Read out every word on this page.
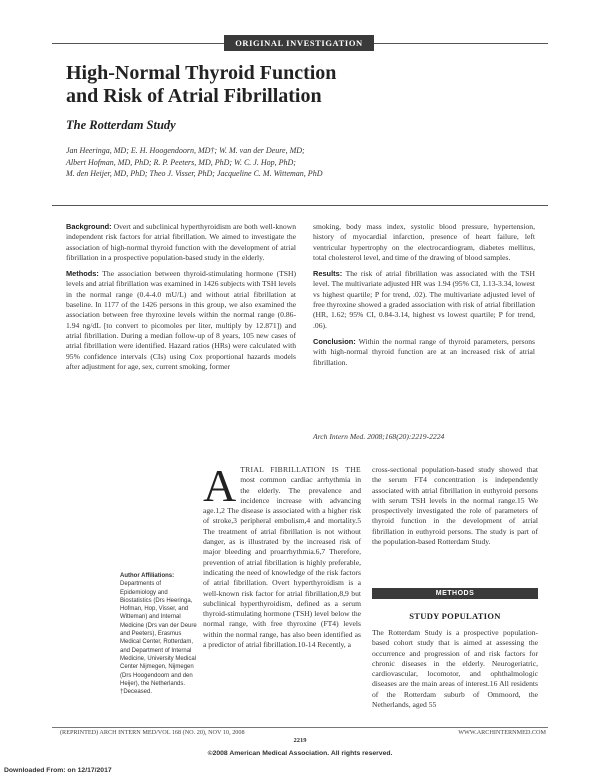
ORIGINAL INVESTIGATION
High-Normal Thyroid Function
and Risk of Atrial Fibrillation
The Rotterdam Study
Jan Heeringa, MD; E. H. Hoogendoorn, MD†; W. M. van der Deure, MD;
Albert Hofman, MD, PhD; R. P. Peeters, MD, PhD; W. C. J. Hop, PhD;
M. den Heijer, MD, PhD; Theo J. Visser, PhD; Jacqueline C. M. Witteman, PhD

Background: Overt and subclinical hyperthyroidism are both well-known independent risk factors for atrial fibrillation. We aimed to investigate the association of high-normal thyroid function with the development of atrial fibrillation in a prospective population-based study in the elderly.

Methods: The association between thyroid-stimulating hormone (TSH) levels and atrial fibrillation was examined in 1426 subjects with TSH levels in the normal range (0.4-4.0 mU/L) and without atrial fibrillation at baseline. In 1177 of the 1426 persons in this group, we also examined the association between free thyroxine levels within the normal range (0.86-1.94 ng/dL [to convert to picomoles per liter, multiply by 12.871]) and atrial fibrillation. During a median follow-up of 8 years, 105 new cases of atrial fibrillation were identified. Hazard ratios (HRs) were calculated with 95% confidence intervals (CIs) using Cox proportional hazards models after adjustment for age, sex, current smoking, former

smoking, body mass index, systolic blood pressure, hypertension, history of myocardial infarction, presence of heart failure, left ventricular hypertrophy on the electrocardiogram, diabetes mellitus, total cholesterol level, and time of the drawing of blood samples.

Results: The risk of atrial fibrillation was associated with the TSH level. The multivariate adjusted HR was 1.94 (95% CI, 1.13-3.34, lowest vs highest quartile; P for trend, .02). The multivariate adjusted level of free thyroxine showed a graded association with risk of atrial fibrillation (HR, 1.62; 95% CI, 0.84-3.14, highest vs lowest quartile; P for trend, .06).

Conclusion: Within the normal range of thyroid parameters, persons with high-normal thyroid function are at an increased risk of atrial fibrillation.

Arch Intern Med. 2008;168(20):2219-2224
Author Affiliations:
Departments of Epidemiology and Biostatistics (Drs Heeringa, Hofman, Hop, Visser, and Witteman) and Internal Medicine (Drs van der Deure and Peeters), Erasmus Medical Center, Rotterdam, and Department of Internal Medicine, University Medical Center Nijmegen, Nijmegen (Drs Hoogendoorn and den Heijer), the Netherlands. †Deceased.
A TRIAL FIBRILLATION IS THE most common cardiac arrhythmia in the elderly. The prevalence and incidence increase with advancing age.1,2 The disease is associated with a higher risk of stroke,3 peripheral embolism,4 and mortality.5 The treatment of atrial fibrillation is not without danger, as is illustrated by the increased risk of major bleeding and proarrhythmia.6,7 Therefore, prevention of atrial fibrillation is highly preferable, indicating the need of knowledge of the risk factors of atrial fibrillation. Overt hyperthyroidism is a well-known risk factor for atrial fibrillation,8,9 but subclinical hyperthyroidism, defined as a serum thyroid-stimulating hormone (TSH) level below the normal range, with free thyroxine (FT4) levels within the normal range, has also been identified as a predictor of atrial fibrillation.10-14 Recently, a
cross-sectional population-based study showed that the serum FT4 concentration is independently associated with atrial fibrillation in euthyroid persons with serum TSH levels in the normal range.15 We prospectively investigated the role of parameters of thyroid function in the development of atrial fibrillation in euthyroid persons. The study is part of the population-based Rotterdam Study.
METHODS
STUDY POPULATION
The Rotterdam Study is a prospective population-based cohort study that is aimed at assessing the occurrence and progression of and risk factors for chronic diseases in the elderly. Neurogeriatric, cardiovascular, locomotor, and ophthalmologic diseases are the main areas of interest.16 All residents of the Rotterdam suburb of Ommoord, the Netherlands, aged 55
(REPRINTED) ARCH INTERN MED/VOL 168 (NO. 20), NOV 10, 2008	WWW.ARCHINTERNMED.COM
2219
©2008 American Medical Association. All rights reserved.
Downloaded From: on 12/17/2017
